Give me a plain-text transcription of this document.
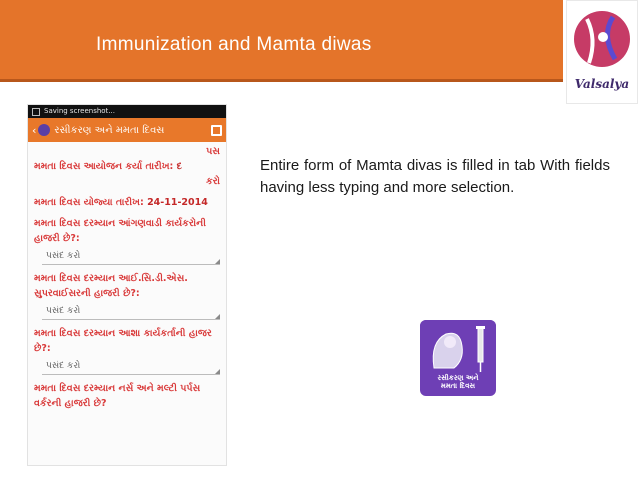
Immunization and Mamta diwas
Valsalya
Saving screenshot...
‹ રસીકરણ અને મમતા દિવસ
પસ
મમતા દિવસ આયોજન કર્યા તારીખ: દ
કરો
મમતા દિવસ યોજ્યા તારીખ: 24-11-2014
મમતા દિવસ દરમ્યાન આંગણવાડી કાર્યકરોની હાજરી છે?:
પસંદ કરો
મમતા દિવસ દરમ્યાન આઈ.સિ.ડી.એસ. સુપરવાઈસરની હાજરી છે?:
પસંદ કરો
મમતા દિવસ દરમ્યાન આશા કાર્યકર્તાની હાજર છે?:
પસંદ કરો
મમતા દિવસ દરમ્યાન નર્સ અને મલ્ટી પર્પસ વર્કરની હાજરી છે?
Entire form of Mamta divas is filled in tab With fields having less typing and more selection.
રસીકરણ અને
મમતા દિવસ
